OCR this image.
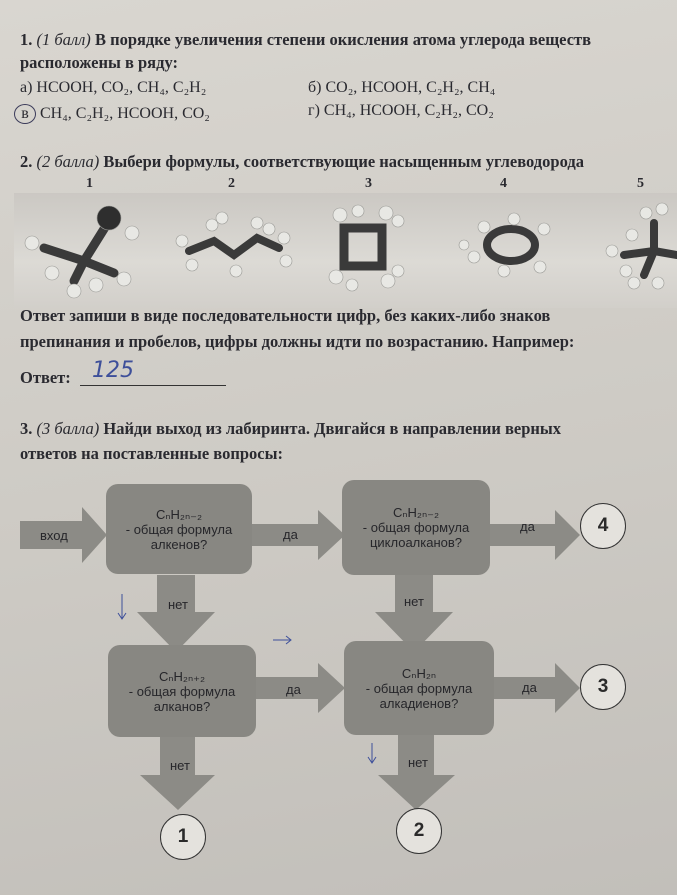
1. (1 балл) В порядке увеличения степени окисления атома углерода веществ
расположены в ряду:
а) HCOOH, CO₂, CH₄, C₂H₂	б) CO₂, HCOOH, C₂H₂, CH₄
в CH₄, C₂H₂, HCOOH, CO₂	г) CH₄, HCOOH, C₂H₂, CO₂
2. (2 балла) Выбери формулы, соответствующие насыщенным углеводорода
1	2	3	4	5
Ответ запиши в виде последовательности цифр, без каких-либо знаков
препинания и пробелов, цифры должны идти по возрастанию. Например:
Ответ: 125
3. (3 балла) Найди выход из лабиринта. Двигайся в направлении верных
ответов на поставленные вопросы:
вход	да
да
нет	нет
да	да
нет	нет
CₙH₂ₙ₋₂
- общая формула
алкенов?
CₙH₂ₙ₋₂
- общая формула
циклоалканов?
CₙH₂ₙ₊₂
- общая формула
алканов?
CₙH₂ₙ
- общая формула
алкадиенов?
4
3
1	2
